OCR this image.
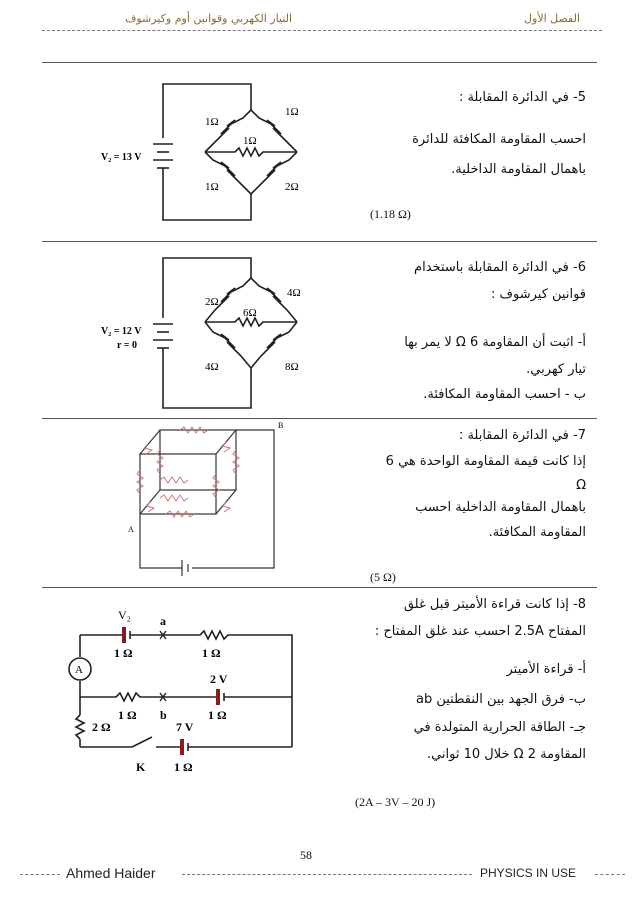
الفصل الأول
التيار الكهربي وقوانين أوم وكيرشوف
5- في الدائرة المقابلة :
احسب المقاومة المكافئة للدائرة
باهمال المقاومة الداخلية.
(1.18 Ω)
V₂ = 13 V
1Ω
1Ω
1Ω
1Ω	2Ω
6- في الدائرة المقابلة باستخدام
قوانين كيرشوف :
أ- اثبت أن المقاومة 6 Ω لا يمر بها
تيار كهربي.
ب - احسب المقاومة المكافئة.
V₂ = 12 V
r = 0
2Ω
4Ω
6Ω
4Ω	8Ω
7- في الدائرة المقابلة :
إذا كانت قيمة المقاومة الواحدة هي 6
Ω
باهمال المقاومة الداخلية احسب
المقاومة المكافئة.
(5 Ω)
A
B
8- إذا كانت قراءة الأميتر قبل غلق
المفتاح 2.5A احسب عند غلق المفتاح :
أ- قراءة الأميتر
ب- فرق الجهد بين النقطتين ab
جـ- الطاقة الحرارية المتولدة في
المقاومة 2 Ω خلال 10 ثواني.
(2A – 3V – 20 J)
A
V₂
1 Ω
a
1 Ω
2 V
1 Ω b	1 Ω
2 Ω	7 V
1 Ω
K
58
Ahmed Haider	PHYSICS IN USE
